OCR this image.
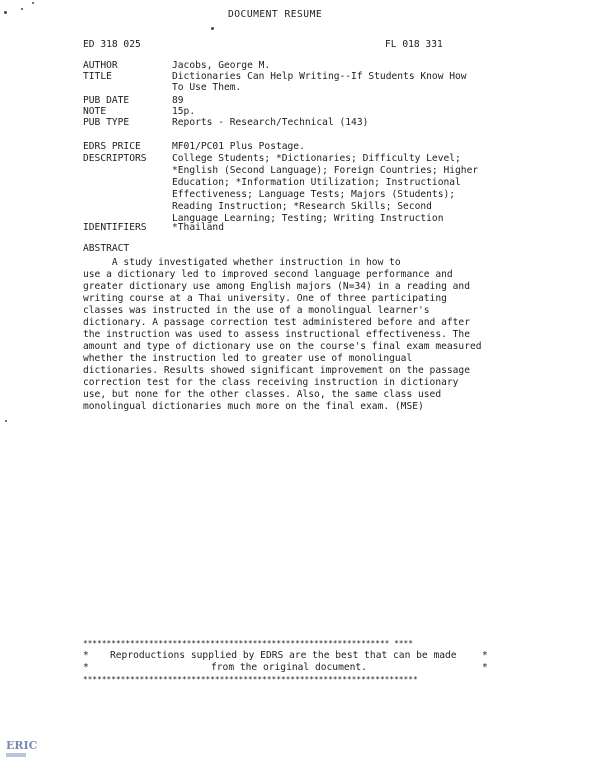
DOCUMENT RESUME
ED 318 025	FL 018 331
AUTHOR	Jacobs, George M.
TITLE	Dictionaries Can Help Writing--If Students Know How
To Use Them.
PUB DATE	89
NOTE	15p.
PUB TYPE	Reports - Research/Technical (143)
EDRS PRICE	MF01/PC01 Plus Postage.
DESCRIPTORS	College Students; *Dictionaries; Difficulty Level;
*English (Second Language); Foreign Countries; Higher
Education; *Information Utilization; Instructional
Effectiveness; Language Tests; Majors (Students);
Reading Instruction; *Research Skills; Second
Language Learning; Testing; Writing Instruction
IDENTIFIERS	*Thailand
ABSTRACT
A study investigated whether instruction in how to
use a dictionary led to improved second language performance and
greater dictionary use among English majors (N=34) in a reading and
writing course at a Thai university. One of three participating
classes was instructed in the use of a monolingual learner's
dictionary. A passage correction test administered before and after
the instruction was used to assess instructional effectiveness. The
amount and type of dictionary use on the course's final exam measured
whether the instruction led to greater use of monolingual
dictionaries. Results showed significant improvement on the passage
correction test for the class receiving instruction in dictionary
use, but none for the other classes. Also, the same class used
monolingual dictionaries much more on the final exam. (MSE)
***************************************************************** ****
* Reproductions supplied by EDRS are the best that can be made	*
*	from the original document.	*
***********************************************************************
ERIC
